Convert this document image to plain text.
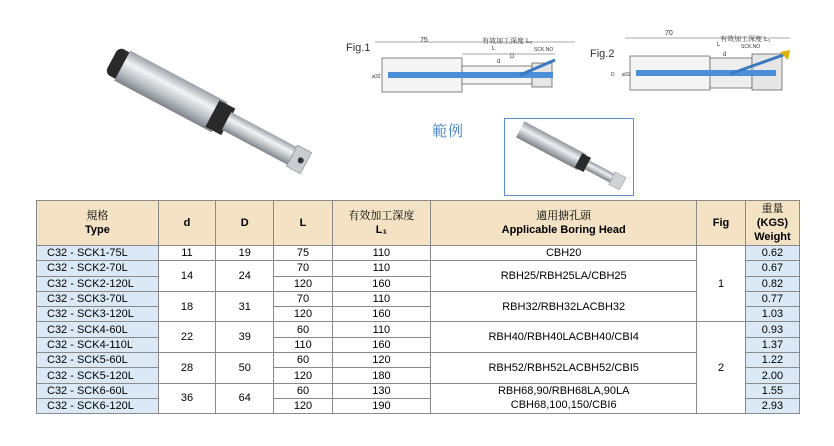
Fig.1
75	有效加工深度 L₁
L
D
d
SCK.NO
ø32
Fig.2
70
有效加工深度 L₁
L
d
SCK.NO
D ø32
範例
規格
Type	d	D	L	有效加工深度
L₁	適用搪孔頭
Applicable Boring Head	Fig	重量
(KGS)
Weight
C32 - SCK1-75L	11	19	75	110	CBH20	1	0.62
C32 - SCK2-70L	14	24	70	110	RBH25/RBH25LA/CBH25		0.67
C32 - SCK2-120L			120	160			0.82
C32 - SCK3-70L	18	31	70	110	RBH32/RBH32LACBH32		0.77
C32 - SCK3-120L			120	160			1.03
C32 - SCK4-60L	22	39	60	110	RBH40/RBH40LACBH40/CBI4	2	0.93
C32 - SCK4-110L			110	160			1.37
C32 - SCK5-60L	28	50	60	120	RBH52/RBH52LACBH52/CBI5		1.22
C32 - SCK5-120L			120	180			2.00
C32 - SCK6-60L	36	64	60	130	RBH68,90/RBH68LA,90LA
CBH68,100,150/CBI6		1.55
C32 - SCK6-120L			120	190			2.93
